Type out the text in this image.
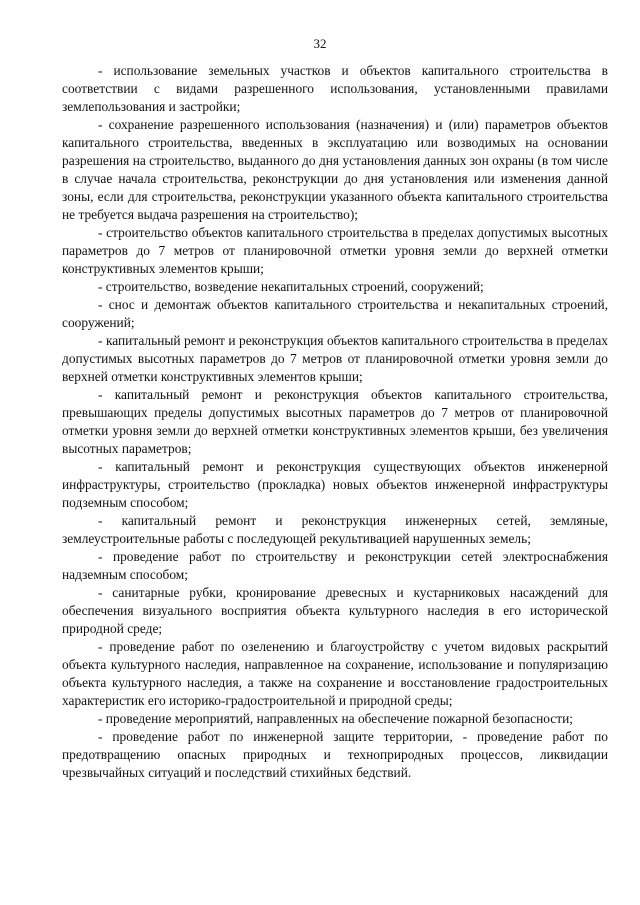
32

- использование земельных участков и объектов капитального строительства в соответствии с видами разрешенного использования, установленными правилами землепользования и застройки;

- сохранение разрешенного использования (назначения) и (или) параметров объектов капитального строительства, введенных в эксплуатацию или возводимых на основании разрешения на строительство, выданного до дня установления данных зон охраны (в том числе в случае начала строительства, реконструкции до дня установления или изменения данной зоны, если для строительства, реконструкции указанного объекта капитального строительства не требуется выдача разрешения на строительство);

- строительство объектов капитального строительства в пределах допустимых высотных параметров до 7 метров от планировочной отметки уровня земли до верхней отметки конструктивных элементов крыши;

- строительство, возведение некапитальных строений, сооружений;

- снос и демонтаж объектов капитального строительства и некапитальных строений, сооружений;

- капитальный ремонт и реконструкция объектов капитального строительства в пределах допустимых высотных параметров до 7 метров от планировочной отметки уровня земли до верхней отметки конструктивных элементов крыши;

- капитальный ремонт и реконструкция объектов капитального строительства, превышающих пределы допустимых высотных параметров до 7 метров от планировочной отметки уровня земли до верхней отметки конструктивных элементов крыши, без увеличения высотных параметров;

- капитальный ремонт и реконструкция существующих объектов инженерной инфраструктуры, строительство (прокладка) новых объектов инженерной инфраструктуры подземным способом;

- капитальный ремонт и реконструкция инженерных сетей, земляные, землеустроительные работы с последующей рекультивацией нарушенных земель;

- проведение работ по строительству и реконструкции сетей электроснабжения надземным способом;

- санитарные рубки, кронирование древесных и кустарниковых насаждений для обеспечения визуального восприятия объекта культурного наследия в его исторической природной среде;

- проведение работ по озеленению и благоустройству с учетом видовых раскрытий объекта культурного наследия, направленное на сохранение, использование и популяризацию объекта культурного наследия, а также на сохранение и восстановление градостроительных характеристик его историко-градостроительной и природной среды;

- проведение мероприятий, направленных на обеспечение пожарной безопасности;

- проведение работ по инженерной защите территории, - проведение работ по предотвращению опасных природных и техноприродных процессов, ликвидации чрезвычайных ситуаций и последствий стихийных бедствий.
